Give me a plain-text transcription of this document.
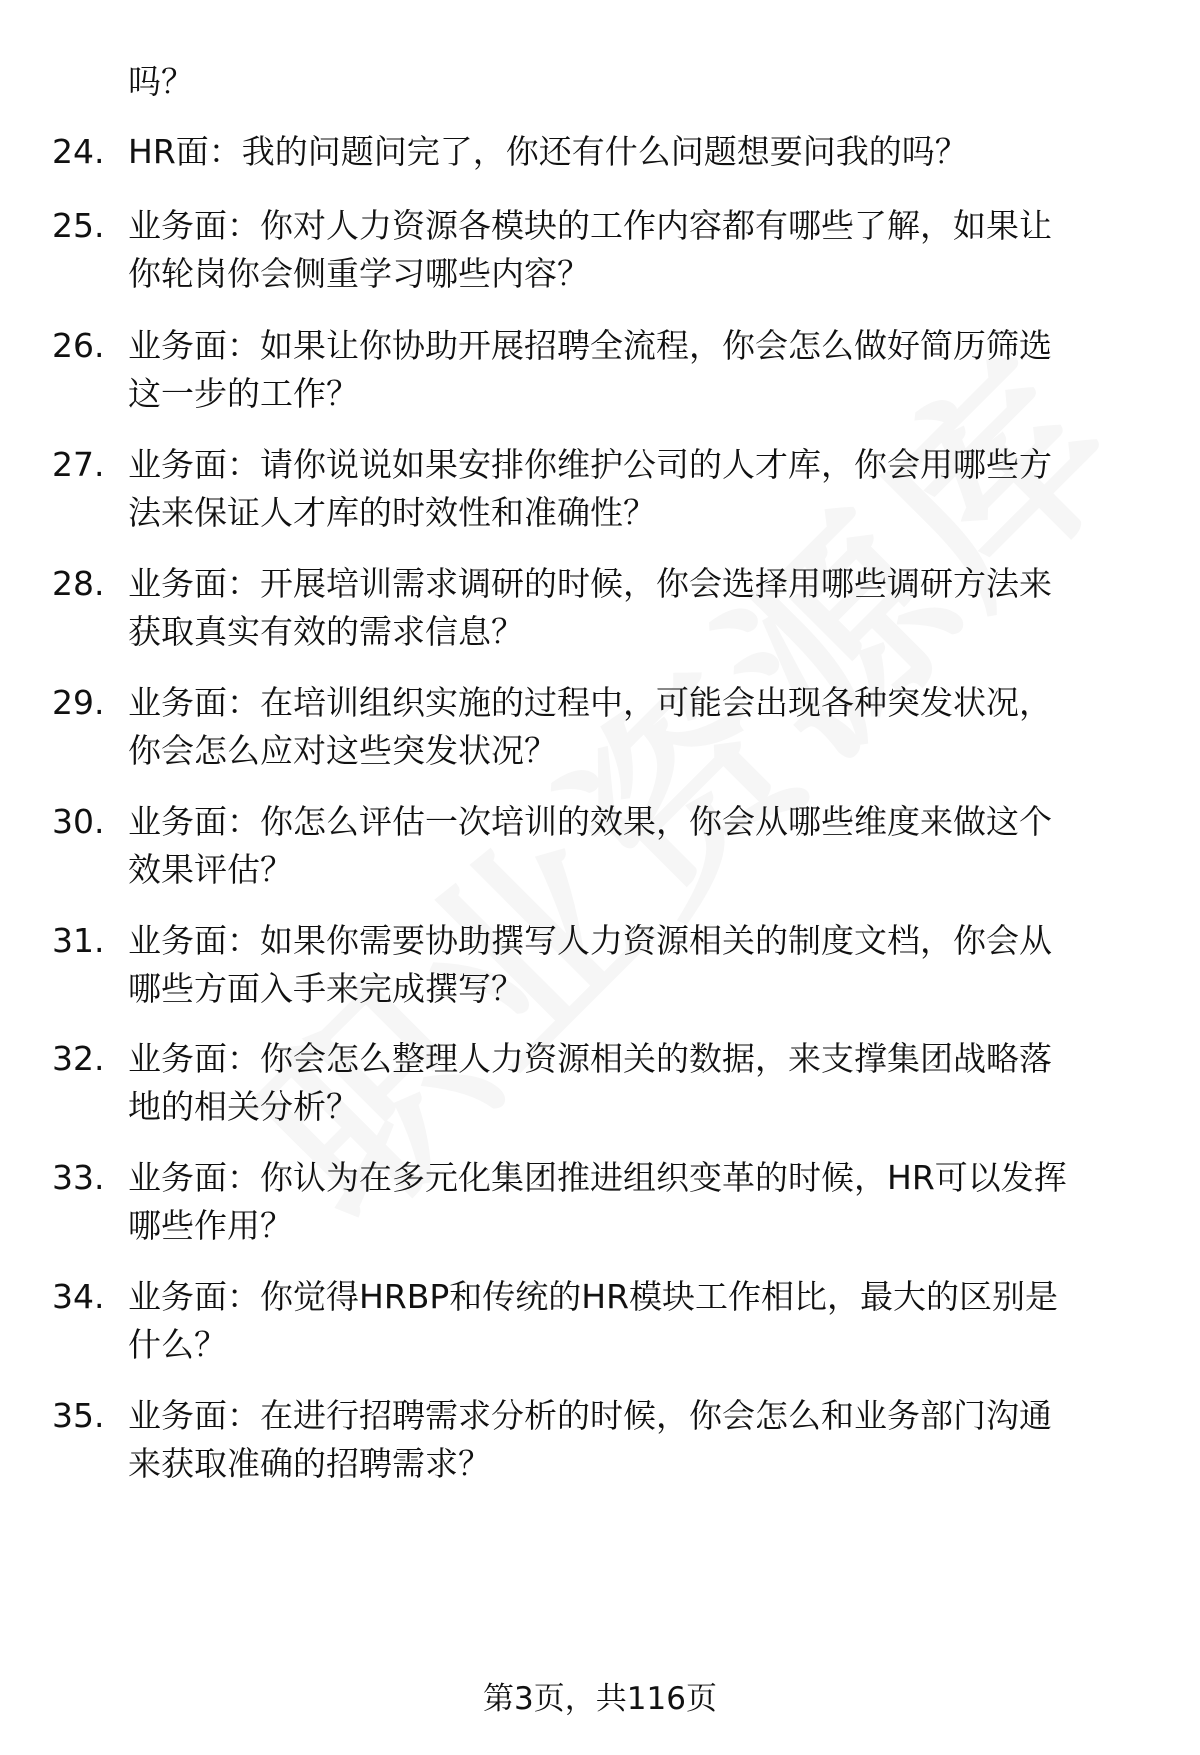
吗？

24. HR面：我的问题问完了，你还有什么问题想要问我的吗？
25. 业务面：你对人力资源各模块的工作内容都有哪些了解，如果让
你轮岗你会侧重学习哪些内容？
26. 业务面：如果让你协助开展招聘全流程，你会怎么做好简历筛选
这一步的工作？
27. 业务面：请你说说如果安排你维护公司的人才库，你会用哪些方
法来保证人才库的时效性和准确性？
28. 业务面：开展培训需求调研的时候，你会选择用哪些调研方法来
获取真实有效的需求信息？
29. 业务面：在培训组织实施的过程中，可能会出现各种突发状况，
你会怎么应对这些突发状况？
30. 业务面：你怎么评估一次培训的效果，你会从哪些维度来做这个
效果评估？
31. 业务面：如果你需要协助撰写人力资源相关的制度文档，你会从
哪些方面入手来完成撰写？
32. 业务面：你会怎么整理人力资源相关的数据，来支撑集团战略落
地的相关分析？
33. 业务面：你认为在多元化集团推进组织变革的时候，HR可以发挥
哪些作用？
34. 业务面：你觉得HRBP和传统的HR模块工作相比，最大的区别是
什么？
35. 业务面：在进行招聘需求分析的时候，你会怎么和业务部门沟通
来获取准确的招聘需求？
第3页，共116页
